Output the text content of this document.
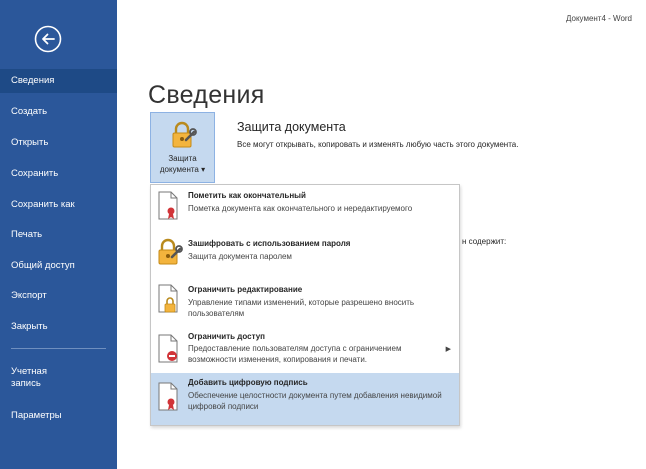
Сведения
Создать
Открыть
Сохранить
Сохранить как
Печать
Общий доступ
Экспорт
Закрыть
Учетная запись
Параметры
Документ4 - Word
Сведения
Защита
документа ▾
Защита документа
Все могут открывать, копировать и изменять любую часть этого документа.
н содержит:
Пометить как окончательный
Пометка документа как окончательного и нередактируемого
Зашифровать с использованием пароля
Защита документа паролем
Ограничить редактирование
Управление типами изменений, которые разрешено вносить пользователям
Ограничить доступ
Предоставление пользователям доступа с ограничением возможности изменения, копирования и печати.
▶
Добавить цифровую подпись
Обеспечение целостности документа путем добавления невидимой цифровой подписи
